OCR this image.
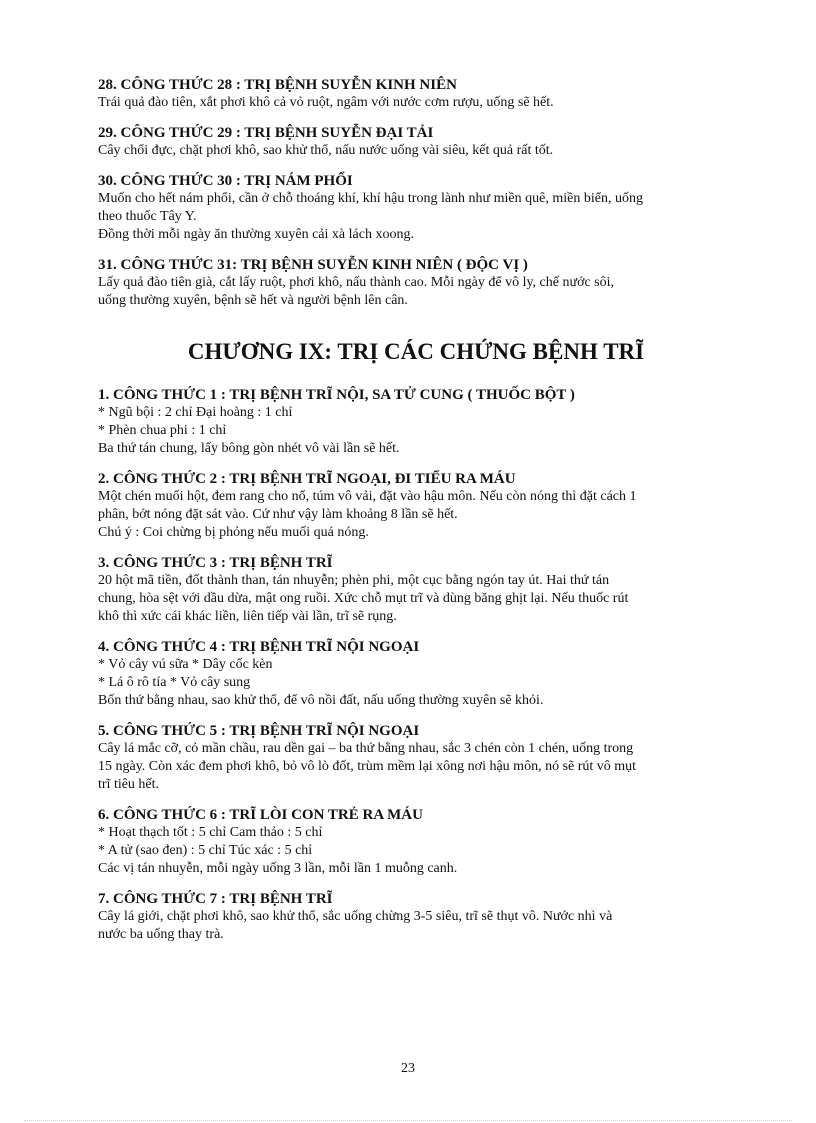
28. CÔNG THỨC 28 : TRỊ BỆNH SUYỄN KINH NIÊN
Trái quả đào tiên, xắt phơi khô cả vỏ ruột, ngâm với nước cơm rượu, uống sẽ hết.
29. CÔNG THỨC 29 : TRỊ BỆNH SUYỄN ĐẠI TẢI
Cây chổi đực, chặt phơi khô, sao khử thổ, nấu nước uống vài siêu, kết quả rất tốt.
30. CÔNG THỨC 30 : TRỊ NÁM PHỔI
Muốn cho hết nám phổi, cần ở chỗ thoáng khí, khí hậu trong lành như miền quê, miền biển, uống
theo thuốc Tây Y.
Đồng thời mỗi ngày ăn thường xuyên cải xà lách xoong.
31. CÔNG THỨC 31: TRỊ BỆNH SUYỄN KINH NIÊN ( ĐỘC VỊ )
Lấy quả đào tiên già, cắt lấy ruột, phơi khô, nấu thành cao. Mỗi ngày để vô ly, chế nước sôi,
uống thường xuyên, bệnh sẽ hết và người bệnh lên cân.
CHƯƠNG IX: TRỊ CÁC CHỨNG BỆNH TRĨ
1. CÔNG THỨC 1 : TRỊ BỆNH TRĨ NỘI, SA TỬ CUNG ( THUỐC BỘT )
* Ngũ bội : 2 chỉ Đại hoàng : 1 chỉ
* Phèn chua phi : 1 chỉ
Ba thứ tán chung, lấy bông gòn nhét vô vài lần sẽ hết.
2. CÔNG THỨC 2 : TRỊ BỆNH TRĨ NGOẠI, ĐI TIỂU RA MÁU
Một chén muối hột, đem rang cho nổ, túm vô vải, đặt vào hậu môn. Nếu còn nóng thì đặt cách 1
phân, bớt nóng đặt sát vào. Cứ như vậy làm khoảng 8 lần sẽ hết.
Chú ý : Coi chừng bị phỏng nếu muối quá nóng.
3. CÔNG THỨC 3 : TRỊ BỆNH TRĨ
20 hột mã tiền, đốt thành than, tán nhuyễn; phèn phi, một cục bằng ngón tay út. Hai thứ tán
chung, hòa sệt với dầu dừa, mật ong ruồi. Xức chỗ mụt trĩ và dùng băng ghịt lại. Nếu thuốc rút
khô thì xức cái khác liền, liên tiếp vài lần, trĩ sẽ rụng.
4. CÔNG THỨC 4 : TRỊ BỆNH TRĨ NỘI NGOẠI
* Vỏ cây vú sữa * Dây cốc kèn
* Lá ô rô tía * Vỏ cây sung
Bốn thứ bằng nhau, sao khử thổ, để vô nồi đất, nấu uống thường xuyên sẽ khỏi.
5. CÔNG THỨC 5 : TRỊ BỆNH TRĨ NỘI NGOẠI
Cây lá mắc cỡ, cỏ mần chầu, rau dền gai – ba thứ bằng nhau, sắc 3 chén còn 1 chén, uống trong
15 ngày. Còn xác đem phơi khô, bỏ vô lò đốt, trùm mềm lại xông nơi hậu môn, nó sẽ rút vô mụt
trĩ tiêu hết.
6. CÔNG THỨC 6 : TRĨ LÒI CON TRẺ RA MÁU
* Hoạt thạch tốt : 5 chỉ Cam thảo : 5 chỉ
* A tử (sao đen) : 5 chỉ Túc xác : 5 chỉ
Các vị tán nhuyễn, mỗi ngày uống 3 lần, mỗi lần 1 muỗng canh.
7. CÔNG THỨC 7 : TRỊ BỆNH TRĨ
Cây lá giới, chặt phơi khô, sao khử thổ, sắc uống chừng 3-5 siêu, trĩ sẽ thụt vô. Nước nhì và
nước ba uống thay trà.
23
